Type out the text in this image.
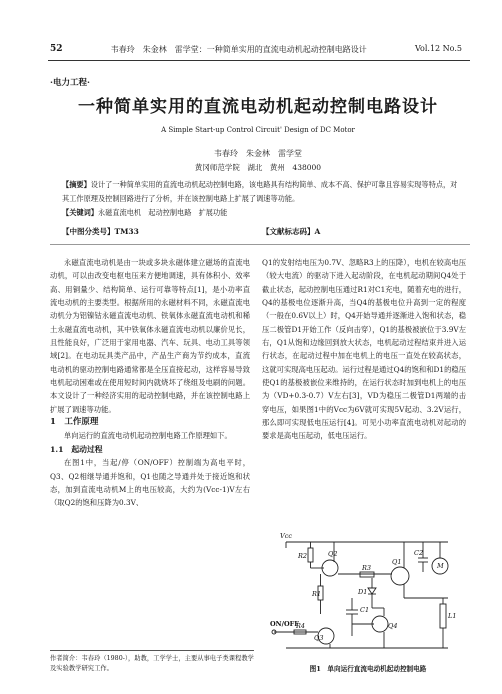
52	韦春玲　朱金林　雷学堂：一种简单实用的直流电动机起动控制电路设计	Vol.12 No.5
·电力工程·
一种简单实用的直流电动机起动控制电路设计
A Simple Start-up Control Circuit' Design of DC Motor
韦春玲　朱金林　雷学堂
黄冈师范学院　湖北　黄州　438000
【摘要】设计了一种简单实用的直流电动机起动控制电路，该电路具有结构简单、成本不高、保护可靠且容易实现等特点，对其工作原理及控制回路进行了分析，并在该控制电路上扩展了调速等功能。
【关键词】永磁直流电机　起动控制电路　扩展功能
【中图分类号】TM33	【文献标志码】A

永磁直流电动机是由一块或多块永磁体建立磁场的直流电动机，可以由改变电枢电压来方便地调速，具有体积小、效率高、用铜量少、结构简单、运行可靠等特点[1]，是小功率直流电动机的主要类型。根据所用的永磁材料不同，永磁直流电动机分为铝镍钴永磁直流电动机、铁氧体永磁直流电动机和稀土永磁直流电动机，其中铁氧体永磁直流电动机以廉价见长，且性能良好，广泛用于家用电器、汽车、玩具、电动工具等领域[2]。在电动玩具类产品中，产品生产商为节约成本，直流电动机的驱动控制电路通常都是全压直接起动，这样容易导致电机起动困难或在使用短时间内就烧坏了绕组及电刷的问题。本文设计了一种经济实用的起动控制电路，并在该控制电路上扩展了调速等功能。

1　工作原理

单向运行的直流电动机起动控制电路工作原理如下。

1.1　起动过程

在图1中，当起/停（ON/OFF）控制端为高电平时，Q3、Q2相继导通并饱和，Q1也随之导通并处于接近饱和状态，加到直流电动机M上的电压较高，大约为(Vcc-1)V左右（取Q2的饱和压降为0.3V、

作者简介：韦春玲（1980-），助教，工学学士，主要从事电子类课程教学及实验教学研究工作。

Q1的发射结电压为0.7V、忽略R3上的压降），电机在较高电压（较大电流）的驱动下进入起动阶段，在电机起动期间Q4处于截止状态，起动控制电压通过R1对C1充电，随着充电的进行，Q4的基极电位逐渐升高，当Q4的基极电位升高到一定的程度（一般在0.6V以上）时，Q4开始导通并逐渐进入饱和状态，稳压二极管D1开始工作（反向击穿），Q1的基极被嵌位于3.9V左右，Q1从饱和边缘回到放大状态，电机起动过程结束并进入运行状态，在起动过程中加在电机上的电压一直处在较高状态，这就可实现高电压起动。运行过程是通过Q4的饱和和D1的稳压使Q1的基极被嵌位来维持的，在运行状态时加到电机上的电压为（VD+0.3-0.7）V左右[3]，VD为稳压二极管D1两端的击穿电压，如果图1中的Vcc为6V就可实现5V起动、3.2V运行，那么即可实现低电压运行[4]。可见小功率直流电动机对起动的要求是高电压起动，低电压运行。

Vcc
Q2
Q1
Q3
Q4
R1
R2
R3
R4
D1
C1
C2
M
L1
ON/OFF
图1　单向运行直流电动机起动控制电路
